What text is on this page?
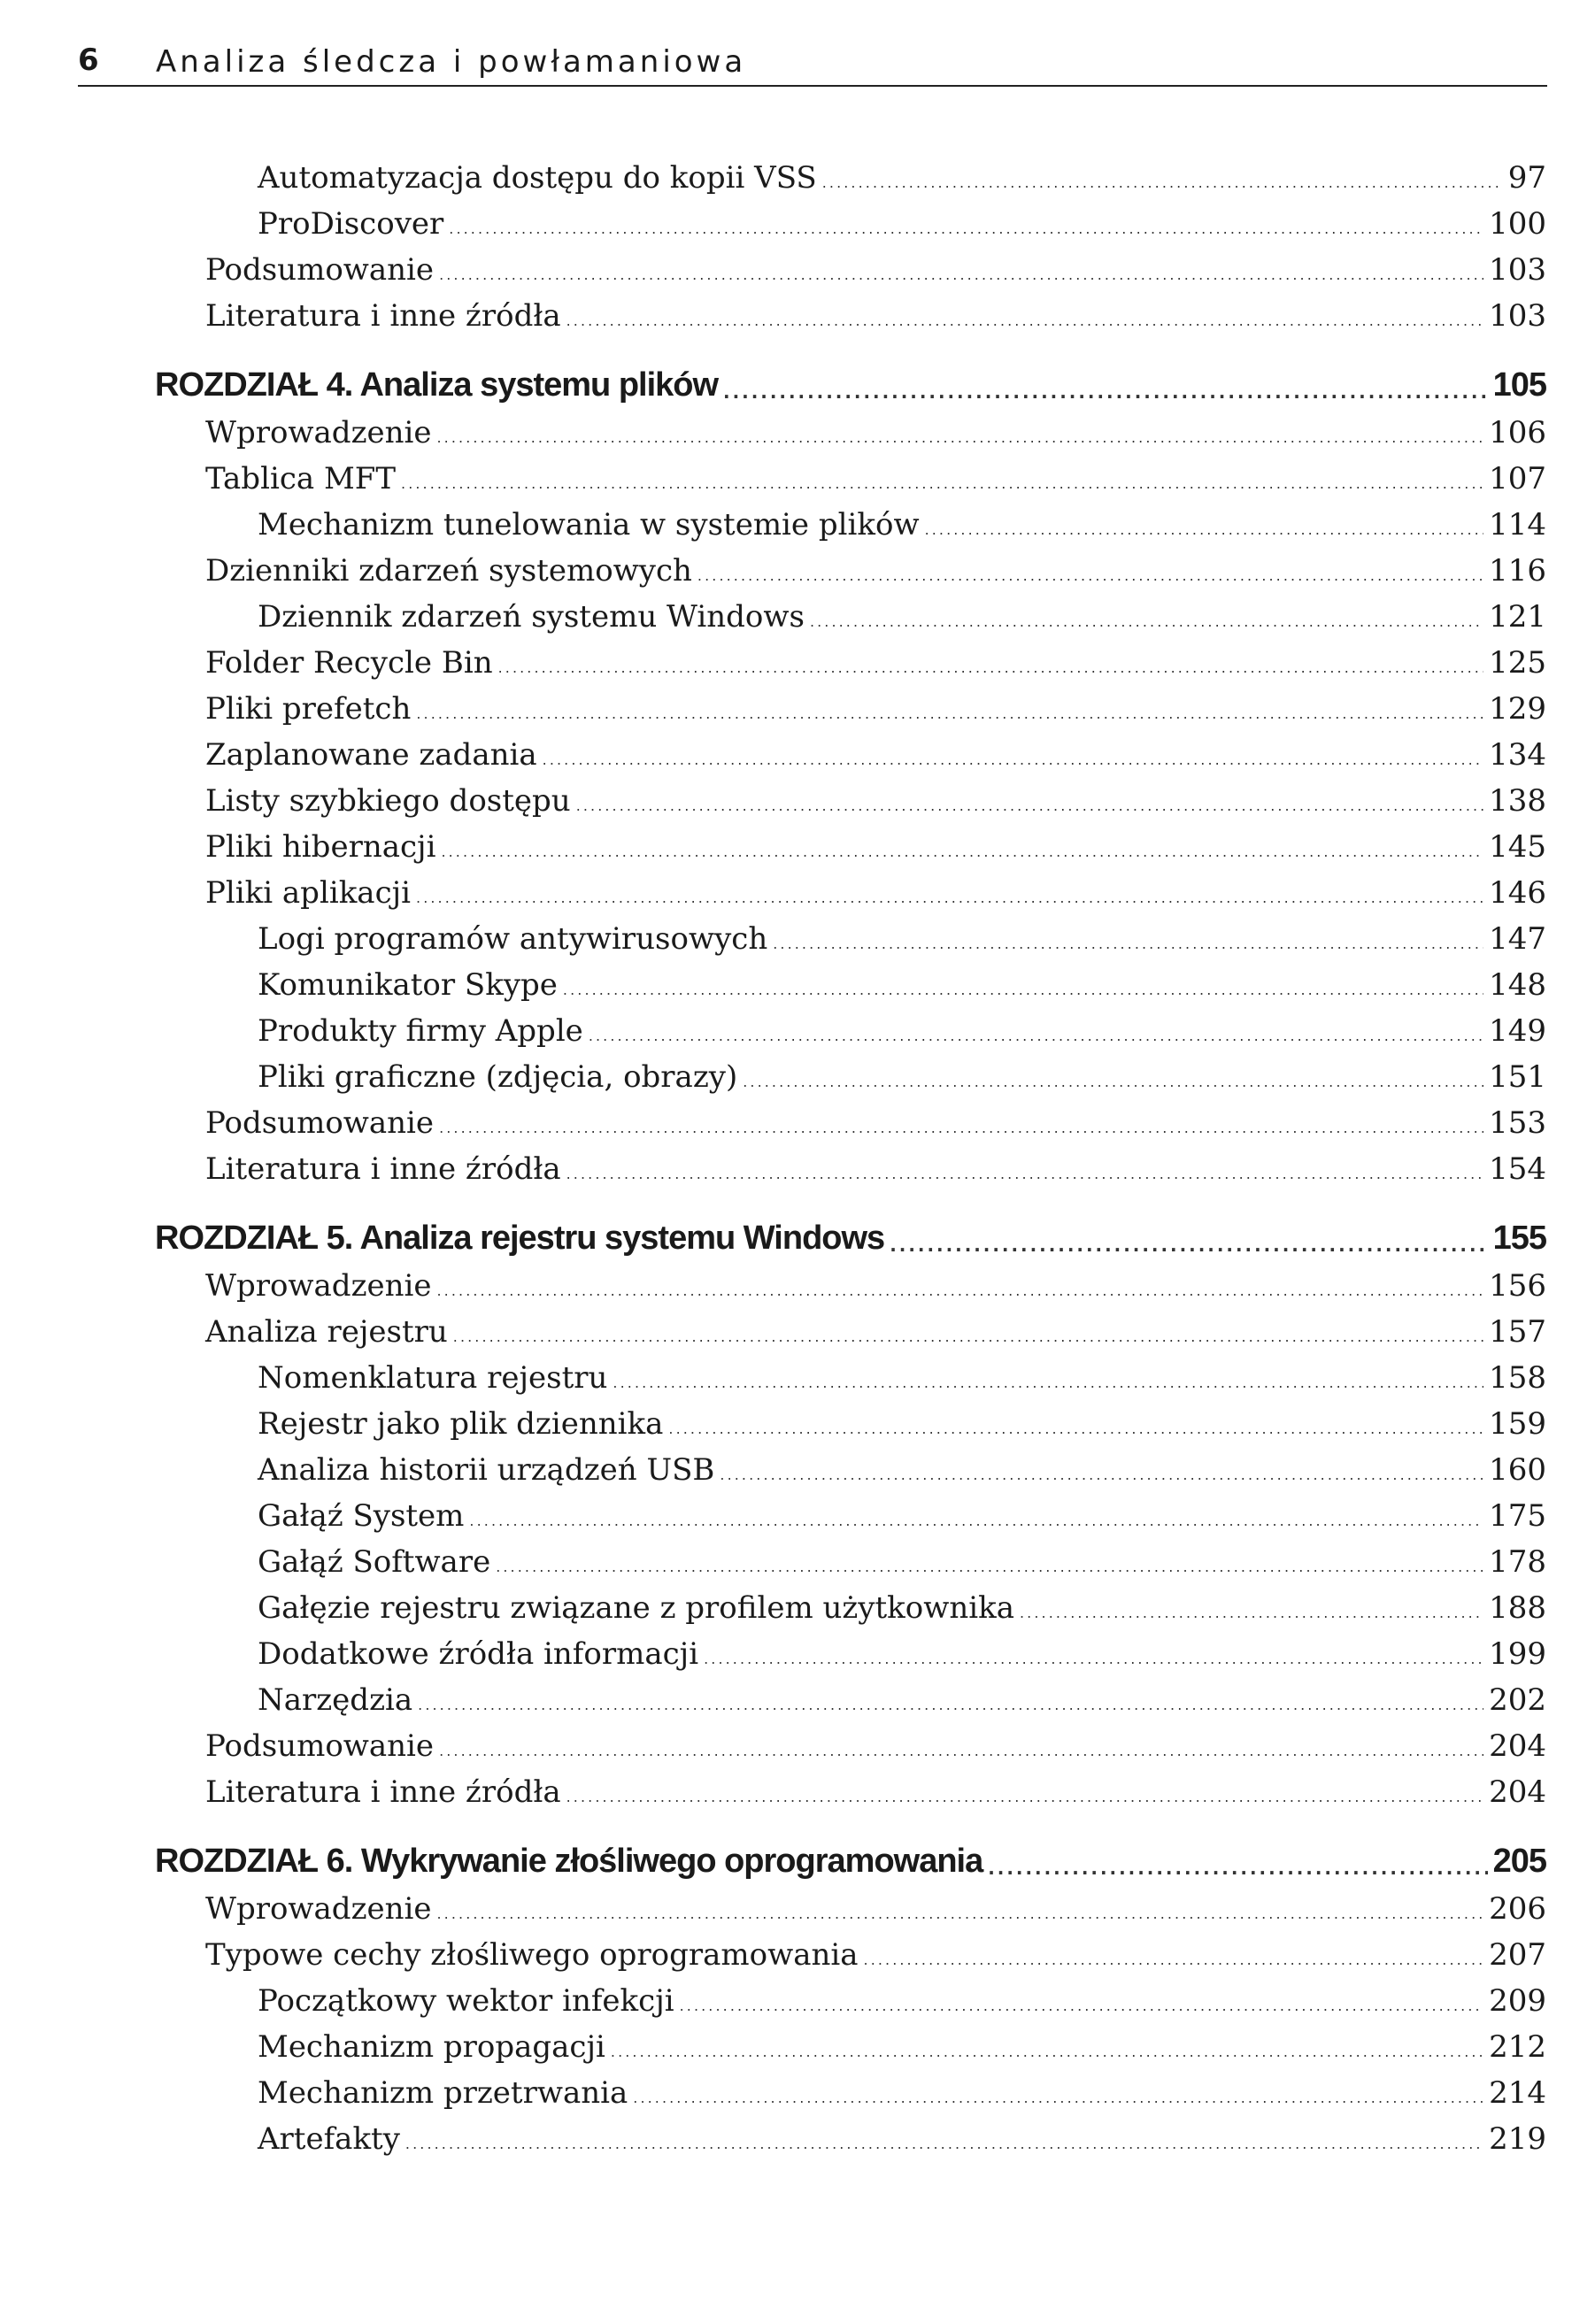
6 Analiza śledcza i powłamaniowa
Automatyzacja dostępu do kopii VSS . . .	97
ProDiscover . . .	100
Podsumowanie . . .	103
Literatura i inne źródła . . .	103
ROZDZIAŁ 4. Analiza systemu plików . . .	105
Wprowadzenie . . .	106
Tablica MFT . . .	107
Mechanizm tunelowania w systemie plików . . .	114
Dzienniki zdarzeń systemowych . . .	116
Dziennik zdarzeń systemu Windows . . .	121
Folder Recycle Bin . . .	125
Pliki prefetch . . .	129
Zaplanowane zadania . . .	134
Listy szybkiego dostępu . . .	138
Pliki hibernacji . . .	145
Pliki aplikacji . . .	146
Logi programów antywirusowych . . .	147
Komunikator Skype . . .	148
Produkty firmy Apple . . .	149
Pliki graficzne (zdjęcia, obrazy) . . .	151
Podsumowanie . . .	153
Literatura i inne źródła . . .	154
ROZDZIAŁ 5. Analiza rejestru systemu Windows . . .	155
Wprowadzenie . . .	156
Analiza rejestru . . .	157
Nomenklatura rejestru . . .	158
Rejestr jako plik dziennika . . .	159
Analiza historii urządzeń USB . . .	160
Gałąź System . . .	175
Gałąź Software . . .	178
Gałęzie rejestru związane z profilem użytkownika . . .	188
Dodatkowe źródła informacji . . .	199
Narzędzia . . .	202
Podsumowanie . . .	204
Literatura i inne źródła . . .	204
ROZDZIAŁ 6. Wykrywanie złośliwego oprogramowania . . .	205
Wprowadzenie . . .	206
Typowe cechy złośliwego oprogramowania . . .	207
Początkowy wektor infekcji . . .	209
Mechanizm propagacji . . .	212
Mechanizm przetrwania . . .	214
Artefakty . . .	219
